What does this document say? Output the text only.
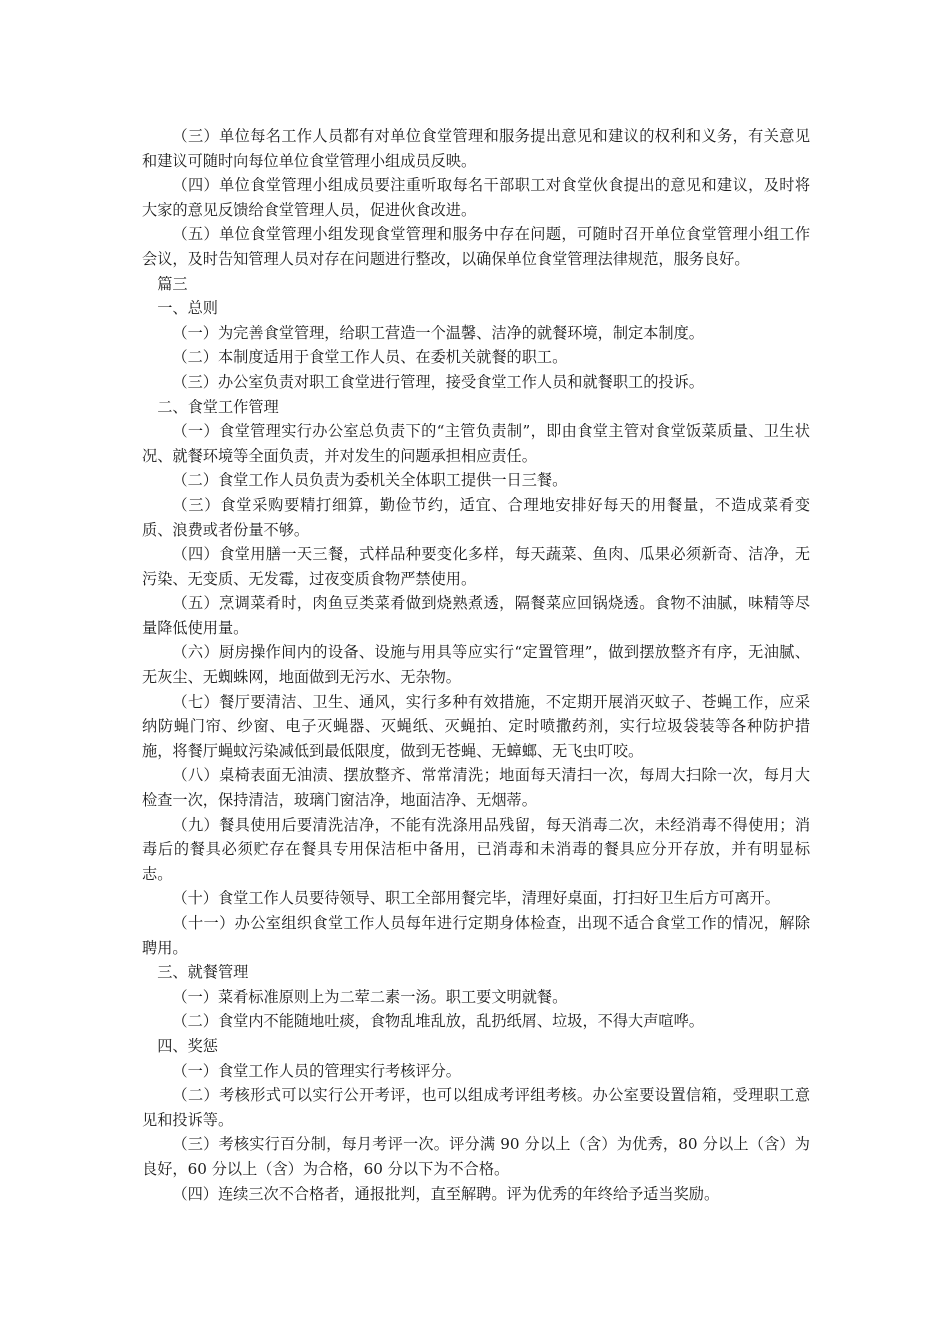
（三）单位每名工作人员都有对单位食堂管理和服务提出意见和建议的权利和义务，有关意见和建议可随时向每位单位食堂管理小组成员反映。

（四）单位食堂管理小组成员要注重听取每名干部职工对食堂伙食提出的意见和建议，及时将大家的意见反馈给食堂管理人员，促进伙食改进。

（五）单位食堂管理小组发现食堂管理和服务中存在问题，可随时召开单位食堂管理小组工作会议，及时告知管理人员对存在问题进行整改，以确保单位食堂管理法律规范，服务良好。

篇三

一、总则

（一）为完善食堂管理，给职工营造一个温馨、洁净的就餐环境，制定本制度。

（二）本制度适用于食堂工作人员、在委机关就餐的职工。

（三）办公室负责对职工食堂进行管理，接受食堂工作人员和就餐职工的投诉。

二、食堂工作管理

（一）食堂管理实行办公室总负责下的“主管负责制”，即由食堂主管对食堂饭菜质量、卫生状况、就餐环境等全面负责，并对发生的问题承担相应责任。

（二）食堂工作人员负责为委机关全体职工提供一日三餐。

（三）食堂采购要精打细算，勤俭节约，适宜、合理地安排好每天的用餐量，不造成菜肴变质、浪费或者份量不够。

（四）食堂用膳一天三餐，式样品种要变化多样，每天蔬菜、鱼肉、瓜果必须新奇、洁净，无污染、无变质、无发霉，过夜变质食物严禁使用。

（五）烹调菜肴时，肉鱼豆类菜肴做到烧熟煮透，隔餐菜应回锅烧透。食物不油腻，味精等尽量降低使用量。

（六）厨房操作间内的设备、设施与用具等应实行“定置管理”，做到摆放整齐有序，无油腻、无灰尘、无蜘蛛网，地面做到无污水、无杂物。

（七）餐厅要清洁、卫生、通风，实行多种有效措施，不定期开展消灭蚊子、苍蝇工作，应采纳防蝇门帘、纱窗、电子灭蝇器、灭蝇纸、灭蝇拍、定时喷撒药剂，实行垃圾袋装等各种防护措施，将餐厅蝇蚊污染减低到最低限度，做到无苍蝇、无蟑螂、无飞虫叮咬。

（八）桌椅表面无油渍、摆放整齐、常常清洗；地面每天清扫一次，每周大扫除一次，每月大检查一次，保持清洁，玻璃门窗洁净，地面洁净、无烟蒂。

（九）餐具使用后要清洗洁净，不能有洗涤用品残留，每天消毒二次，未经消毒不得使用；消毒后的餐具必须贮存在餐具专用保洁柜中备用，已消毒和未消毒的餐具应分开存放，并有明显标志。

（十）食堂工作人员要待领导、职工全部用餐完毕，清理好桌面，打扫好卫生后方可离开。

（十一）办公室组织食堂工作人员每年进行定期身体检查，出现不适合食堂工作的情况，解除聘用。

三、就餐管理

（一）菜肴标准原则上为二荤二素一汤。职工要文明就餐。

（二）食堂内不能随地吐痰，食物乱堆乱放，乱扔纸屑、垃圾，不得大声喧哗。

四、奖惩

（一）食堂工作人员的管理实行考核评分。

（二）考核形式可以实行公开考评，也可以组成考评组考核。办公室要设置信箱，受理职工意见和投诉等。

（三）考核实行百分制，每月考评一次。评分满 90 分以上（含）为优秀，80 分以上（含）为良好，60 分以上（含）为合格，60 分以下为不合格。

（四）连续三次不合格者，通报批判，直至解聘。评为优秀的年终给予适当奖励。
